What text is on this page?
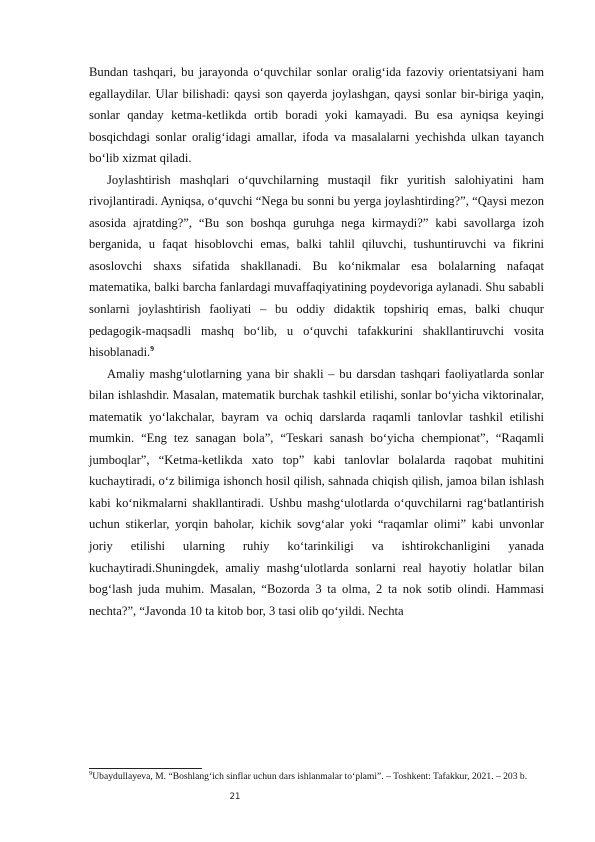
Bundan tashqari, bu jarayonda o‘quvchilar sonlar oralig‘ida fazoviy orientatsiyani ham egallaydilar. Ular bilishadi: qaysi son qayerda joylashgan, qaysi sonlar bir-biriga yaqin, sonlar qanday ketma-ketlikda ortib boradi yoki kamayadi. Bu esa ayniqsa keyingi bosqichdagi sonlar oralig‘idagi amallar, ifoda va masalalarni yechishda ulkan tayanch bo‘lib xizmat qiladi.

Joylashtirish mashqlari o‘quvchilarning mustaqil fikr yuritish salohiyatini ham rivojlantiradi. Ayniqsa, o‘quvchi “Nega bu sonni bu yerga joylashtirding?”, “Qaysi mezon asosida ajratding?”, “Bu son boshqa guruhga nega kirmaydi?” kabi savollarga izoh berganida, u faqat hisoblovchi emas, balki tahlil qiluvchi, tushuntiruvchi va fikrini asoslovchi shaxs sifatida shakllanadi. Bu ko‘nikmalar esa bolalarning nafaqat matematika, balki barcha fanlardagi muvaffaqiyatining poydevoriga aylanadi. Shu sababli sonlarni joylashtirish faoliyati – bu oddiy didaktik topshiriq emas, balki chuqur pedagogik-maqsadli mashq bo‘lib, u o‘quvchi tafakkurini shakllantiruvchi vosita hisoblanadi.$^9$

Amaliy mashg‘ulotlarning yana bir shakli – bu darsdan tashqari faoliyatlarda sonlar bilan ishlashdir. Masalan, matematik burchak tashkil etilishi, sonlar bo‘yicha viktorinalar, matematik yo‘lakchalar, bayram va ochiq darslarda raqamli tanlovlar tashkil etilishi mumkin. “Eng tez sanagan bola”, “Teskari sanash bo‘yicha chempionat”, “Raqamli jumboqlar”, “Ketma-ketlikda xato top” kabi tanlovlar bolalarda raqobat muhitini kuchaytiradi, o‘z bilimiga ishonch hosil qilish, sahnada chiqish qilish, jamoa bilan ishlash kabi ko‘nikmalarni shakllantiradi. Ushbu mashg‘ulotlarda o‘quvchilarni rag‘batlantirish uchun stikerlar, yorqin baholar, kichik sovg‘alar yoki “raqamlar olimi” kabi unvonlar joriy etilishi ularning ruhiy ko‘tarinkiligi va ishtirokchanligini yanada kuchaytiradi.Shuningdek, amaliy mashg‘ulotlarda sonlarni real hayotiy holatlar bilan bog‘lash juda muhim. Masalan, “Bozorda 3 ta olma, 2 ta nok sotib olindi. Hammasi nechta?”, “Javonda 10 ta kitob bor, 3 tasi olib qo‘yildi. Nechta

$^9$Ubaydullayeva, M. “Boshlang‘ich sinflar uchun dars ishlanmalar to‘plami”. – Toshkent: Tafakkur, 2021. – 203 b.
21
